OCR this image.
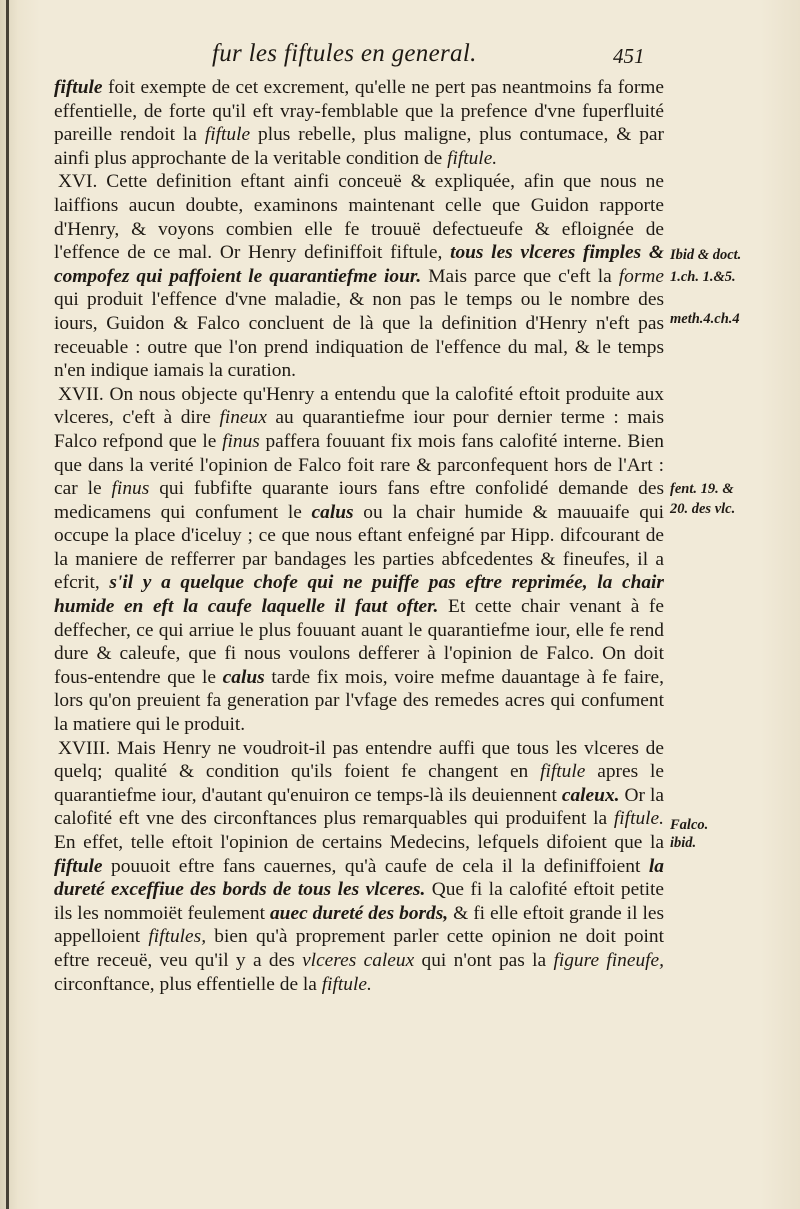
fur les fiftules en general.	451

fiftule foit exempte de cet excrement, qu'elle ne pert pas neantmoins fa forme effentielle, de forte qu'il eft vray-femblable que la prefence d'vne fuperfluité pareille rendoit la fiftule plus rebelle, plus maligne, plus contumace, & par ainfi plus approchante de la veritable condition de fiftule.

XVI. Cette definition eftant ainfi conceuë & expliquée, afin que nous ne laiffions aucun doubte, examinons maintenant celle que Guidon rapporte d'Henry, & voyons combien elle fe trouuë defectueufe & efloignée de l'effence de ce mal. Or Henry definiffoit fiftule, tous les vlceres fimples & compofez qui paffoient le quarantiefme iour. Mais parce que c'eft la forme qui produit l'effence d'vne maladie, & non pas le temps ou le nombre des iours, Guidon & Falco concluent de là que la definition d'Henry n'eft pas receuable : outre que l'on prend indiquation de l'effence du mal, & le temps n'en indique iamais la curation.

XVII. On nous objecte qu'Henry a entendu que la calofité eftoit produite aux vlceres, c'eft à dire fineux au quarantiefme iour pour dernier terme : mais Falco refpond que le finus paffera fouuant fix mois fans calofité interne. Bien que dans la verité l'opinion de Falco foit rare & parconfequent hors de l'Art : car le finus qui fubfifte quarante iours fans eftre confolidé demande des medicamens qui confument le calus ou la chair humide & mauuaife qui occupe la place d'iceluy ; ce que nous eftant enfeigné par Hipp. difcourant de la maniere de refferrer par bandages les parties abfcedentes & fineufes, il a efcrit, s'il y a quelque chofe qui ne puiffe pas eftre reprimée, la chair humide en eft la caufe laquelle il faut ofter. Et cette chair venant à fe deffecher, ce qui arriue le plus fouuant auant le quarantiefme iour, elle fe rend dure & caleufe, que fi nous voulons defferer à l'opinion de Falco. On doit fous-entendre que le calus tarde fix mois, voire mefme dauantage à fe faire, lors qu'on preuient fa generation par l'vfage des remedes acres qui confument la matiere qui le produit.

XVIII. Mais Henry ne voudroit-il pas entendre auffi que tous les vlceres de quelq; qualité & condition qu'ils foient fe changent en fiftule apres le quarantiefme iour, d'autant qu'enuiron ce temps-là ils deuiennent caleux. Or la calofité eft vne des circonftances plus remarquables qui produifent la fiftule. En effet, telle eftoit l'opinion de certains Medecins, lefquels difoient que la fiftule pouuoit eftre fans cauernes, qu'à caufe de cela il la definiffoient la dureté exceffiue des bords de tous les vlceres. Que fi la calofité eftoit petite ils les nommoiët feulement auec dureté des bords, & fi elle eftoit grande il les appelloient fiftules, bien qu'à proprement parler cette opinion ne doit point eftre receuë, veu qu'il y a des vlceres caleux qui n'ont pas la figure fineufe, circonftance, plus effentielle de la fiftule.

Ibid & doct.
1.ch. 1.&5.
meth.4.ch.4
fent. 19. &
20. des vlc.
Falco.
ibid.
